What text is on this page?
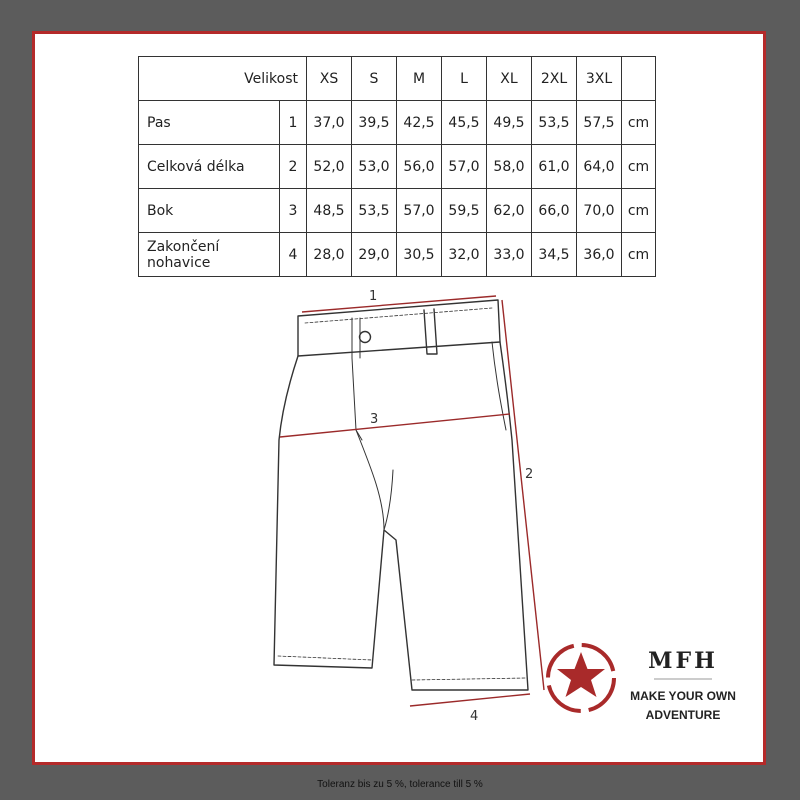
Velikost		XS	S	M	L	XL	2XL	3XL	
Pas	1	37,0	39,5	42,5	45,5	49,5	53,5	57,5	cm
Celková délka	2	52,0	53,0	56,0	57,0	58,0	61,0	64,0	cm
Bok	3	48,5	53,5	57,0	59,5	62,0	66,0	70,0	cm
Zakončení nohavice	4	28,0	29,0	30,5	32,0	33,0	34,5	36,0	cm
1
2
3
4
MFH
MAKE YOUR OWN
ADVENTURE
Toleranz bis zu 5 %, tolerance till 5 %
